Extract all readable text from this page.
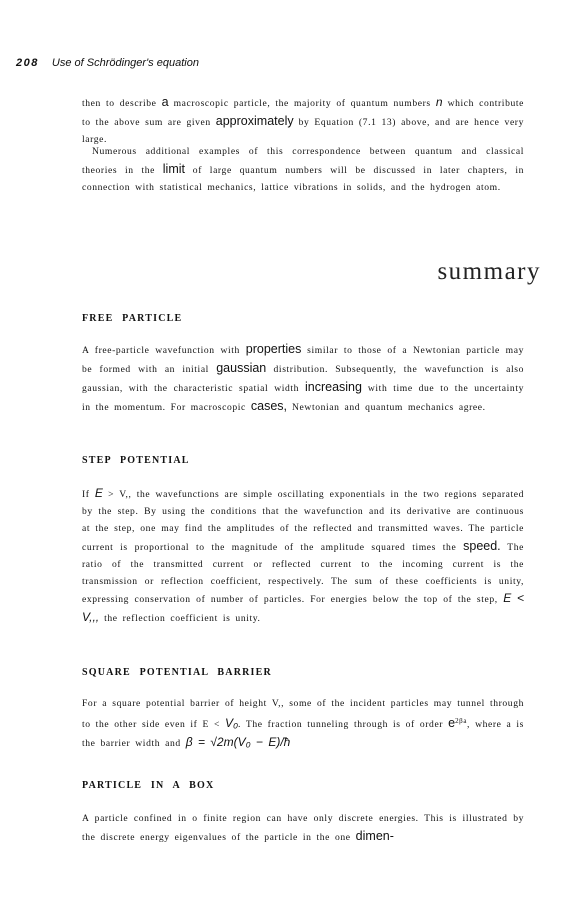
208 Use of Schrödinger's equation

then to describe a macroscopic particle, the majority of quantum numbers n which contribute to the above sum are given approximately by Equation (7.1 13) above, and are hence very large.

Numerous additional examples of this correspondence between quantum and classical theories in the limit of large quantum numbers will be discussed in later chapters, in connection with statistical mechanics, lattice vibrations in solids, and the hydrogen atom.

summary
FREE PARTICLE

A free-particle wavefunction with properties similar to those of a Newtonian particle may be formed with an initial gaussian distribution. Subsequently, the wavefunction is also gaussian, with the characteristic spatial width increasing with time due to the uncertainty in the momentum. For macroscopic cases, Newtonian and quantum mechanics agree.

STEP POTENTIAL

If E > V,, the wavefunctions are simple oscillating exponentials in the two regions separated by the step. By using the conditions that the wavefunction and its derivative are continuous at the step, one may find the amplitudes of the reflected and transmitted waves. The particle current is proportional to the magnitude of the amplitude squared times the speed. The ratio of the transmitted current or reflected current to the incoming current is the transmission or reflection coefficient, respectively. The sum of these coefficients is unity, expressing conservation of number of particles. For energies below the top of the step, E < V,,, the reflection coefficient is unity.

SQUARE POTENTIAL BARRIER

For a square potential barrier of height V,, some of the incident particles may tunnel through to the other side even if E < V₀. The fraction tunneling through is of order $e^{2\beta a}$, where a is the barrier width and β = √2m(V₀ − E)/ħ

PARTICLE IN A BOX

A particle confined in o finite region can have only discrete energies. This is illustrated by the discrete energy eigenvalues of the particle in the one dimen-
